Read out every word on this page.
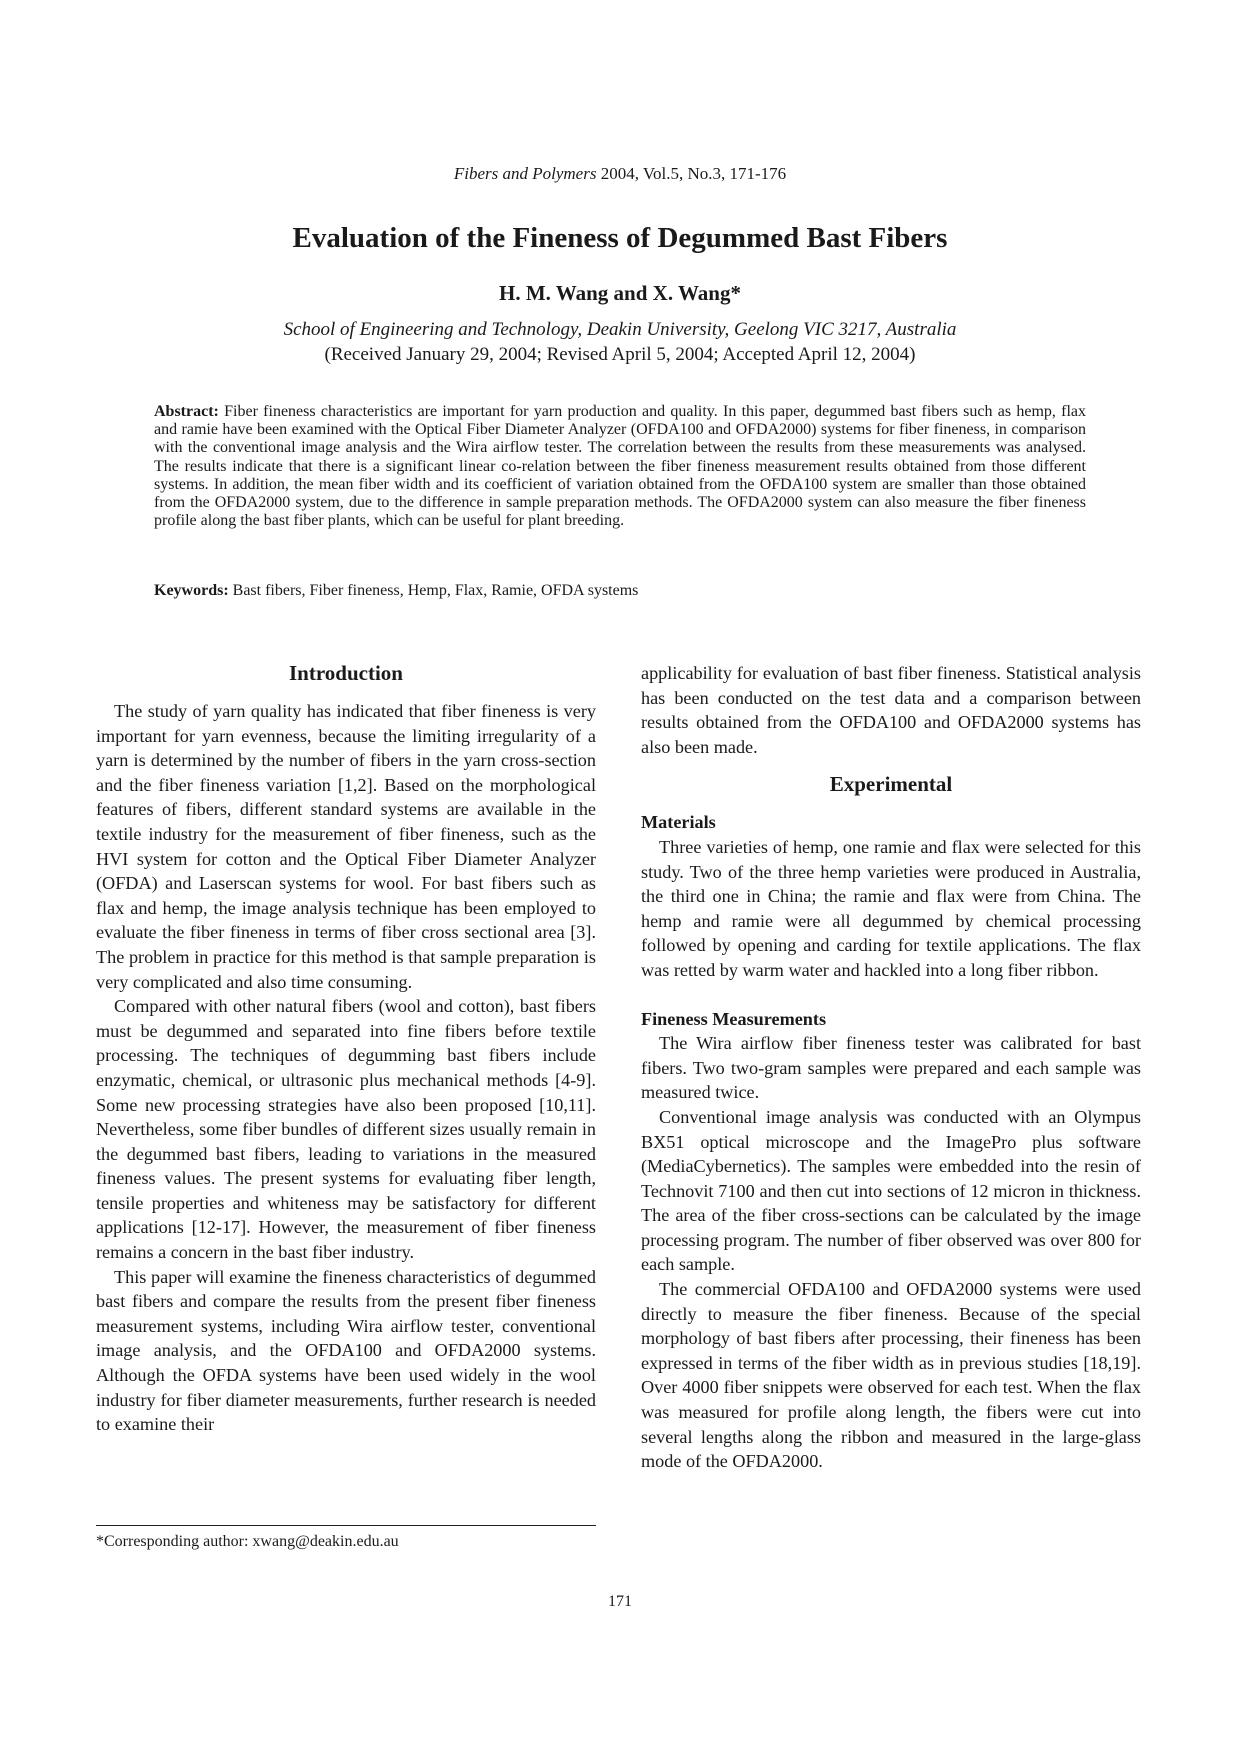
Fibers and Polymers 2004, Vol.5, No.3, 171-176
Evaluation of the Fineness of Degummed Bast Fibers
H. M. Wang and X. Wang*
School of Engineering and Technology, Deakin University, Geelong VIC 3217, Australia
(Received January 29, 2004; Revised April 5, 2004; Accepted April 12, 2004)

Abstract: Fiber fineness characteristics are important for yarn production and quality. In this paper, degummed bast fibers such as hemp, flax and ramie have been examined with the Optical Fiber Diameter Analyzer (OFDA100 and OFDA2000) systems for fiber fineness, in comparison with the conventional image analysis and the Wira airflow tester. The correlation between the results from these measurements was analysed. The results indicate that there is a significant linear co-relation between the fiber fineness measurement results obtained from those different systems. In addition, the mean fiber width and its coefficient of variation obtained from the OFDA100 system are smaller than those obtained from the OFDA2000 system, due to the difference in sample preparation methods. The OFDA2000 system can also measure the fiber fineness profile along the bast fiber plants, which can be useful for plant breeding.

Keywords: Bast fibers, Fiber fineness, Hemp, Flax, Ramie, OFDA systems

Introduction

The study of yarn quality has indicated that fiber fineness is very important for yarn evenness, because the limiting irregularity of a yarn is determined by the number of fibers in the yarn cross-section and the fiber fineness variation [1,2]. Based on the morphological features of fibers, different standard systems are available in the textile industry for the measurement of fiber fineness, such as the HVI system for cotton and the Optical Fiber Diameter Analyzer (OFDA) and Laserscan systems for wool. For bast fibers such as flax and hemp, the image analysis technique has been employed to evaluate the fiber fineness in terms of fiber cross sectional area [3]. The problem in practice for this method is that sample preparation is very complicated and also time consuming.

Compared with other natural fibers (wool and cotton), bast fibers must be degummed and separated into fine fibers before textile processing. The techniques of degumming bast fibers include enzymatic, chemical, or ultrasonic plus mechanical methods [4-9]. Some new processing strategies have also been proposed [10,11]. Nevertheless, some fiber bundles of different sizes usually remain in the degummed bast fibers, leading to variations in the measured fineness values. The present systems for evaluating fiber length, tensile properties and whiteness may be satisfactory for different applications [12-17]. However, the measurement of fiber fineness remains a concern in the bast fiber industry.

This paper will examine the fineness characteristics of degummed bast fibers and compare the results from the present fiber fineness measurement systems, including Wira airflow tester, conventional image analysis, and the OFDA100 and OFDA2000 systems. Although the OFDA systems have been used widely in the wool industry for fiber diameter measurements, further research is needed to examine their

applicability for evaluation of bast fiber fineness. Statistical analysis has been conducted on the test data and a comparison between results obtained from the OFDA100 and OFDA2000 systems has also been made.

Experimental
Materials

Three varieties of hemp, one ramie and flax were selected for this study. Two of the three hemp varieties were produced in Australia, the third one in China; the ramie and flax were from China. The hemp and ramie were all degummed by chemical processing followed by opening and carding for textile applications. The flax was retted by warm water and hackled into a long fiber ribbon.

Fineness Measurements

The Wira airflow fiber fineness tester was calibrated for bast fibers. Two two-gram samples were prepared and each sample was measured twice.

Conventional image analysis was conducted with an Olympus BX51 optical microscope and the ImagePro plus software (MediaCybernetics). The samples were embedded into the resin of Technovit 7100 and then cut into sections of 12 micron in thickness. The area of the fiber cross-sections can be calculated by the image processing program. The number of fiber observed was over 800 for each sample.

The commercial OFDA100 and OFDA2000 systems were used directly to measure the fiber fineness. Because of the special morphology of bast fibers after processing, their fineness has been expressed in terms of the fiber width as in previous studies [18,19]. Over 4000 fiber snippets were observed for each test. When the flax was measured for profile along length, the fibers were cut into several lengths along the ribbon and measured in the large-glass mode of the OFDA2000.

*Corresponding author: xwang@deakin.edu.au
171
